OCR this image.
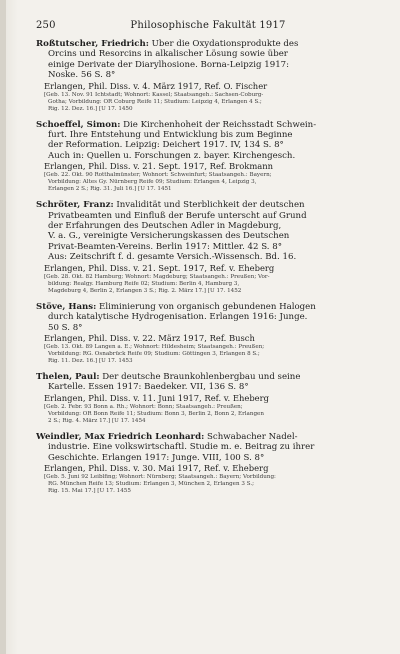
250	Philosophische Fakultät 1917
Roßtutscher, Friedrich: Über die Oxydationsprodukte des
Orcins und Resorcins in alkalischer Lösung sowie über
einige Derivate der Diarylhosione. Borna-Leipzig 1917:
Noske. 56 S. 8°
Erlangen, Phil. Diss. v. 4. März 1917, Ref. O. Fischer
[Geb. 13. Nov. 91 Ichtstadt; Wohnort: Kassel; Staatsangeh.: Sachsen-Coburg-
Gotha; Vorbildung: OR Coburg Reife 11; Studium: Leipzig 4, Erlangen 4 S.;
Rig. 12. Dez. 16.] [U 17. 1450
Schoeffel, Simon: Die Kirchenhoheit der Reichsstadt Schwein-
furt. Ihre Entstehung und Entwicklung bis zum Beginne
der Reformation. Leipzig: Deichert 1917. IV, 134 S. 8°
Auch in: Quellen u. Forschungen z. bayer. Kirchengesch.
Erlangen, Phil. Diss. v. 21. Sept. 1917, Ref. Brokmann
[Geb. 22. Okt. 90 Rotthalmünster; Wohnort: Schweinfurt; Staatsangeh.: Bayern;
Vorbildung: Altes Gy. Nürnberg Reife 09; Studium: Erlangen 4, Leipzig 3,
Erlangen 2 S.; Rig. 31. Juli 16.] [U 17. 1451
Schröter, Franz: Invalidität und Sterblichkeit der deutschen
Privatbeamten und Einfluß der Berufe unterscht auf Grund
der Erfahrungen des Deutschen Adler in Magdeburg,
V. a. G., vereinigte Versicherungskassen des Deutschen
Privat-Beamten-Vereins. Berlin 1917: Mittler. 42 S. 8°
Aus: Zeitschrift f. d. gesamte Versich.-Wissensch. Bd. 16.
Erlangen, Phil. Diss. v. 21. Sept. 1917, Ref. v. Eheberg
[Geb. 28. Okt. 82 Hamburg; Wohnort: Magdeburg; Staatsangeh.: Preußen; Vor-
bildung: Realgy. Hamburg Reife 02; Studium: Berlin 4, Hamburg 3,
Magdeburg 4, Berlin 2, Erlangen 3 S.; Rig. 2. März 17.] [U 17. 1452
Stöve, Hans: Eliminierung von organisch gebundenen Halogen
durch katalytische Hydrogenisation. Erlangen 1916: Junge.
50 S. 8°
Erlangen, Phil. Diss. v. 22. März 1917, Ref. Busch
[Geb. 13. Okt. 89 Langen a. E.; Wohnort: Hildesheim; Staatsangeh.: Preußen;
Vorbildung: RG. Osnabrück Reife 09; Studium: Göttingen 3, Erlangen 8 S.;
Rig. 11. Dez. 16.] [U 17. 1453
Thelen, Paul: Der deutsche Braunkohlenbergbau und seine
Kartelle. Essen 1917: Baedeker. VII, 136 S. 8°
Erlangen, Phil. Diss. v. 11. Juni 1917, Ref. v. Eheberg
[Geb. 2. Febr. 93 Bonn a. Rh.; Wohnort: Bonn; Staatsangeh.: Preußen;
Vorbildung: OR Bonn Reife 11; Studium: Bonn 3, Berlin 2, Bonn 2, Erlangen
2 S.; Rig. 4. März 17.] [U 17. 1454
Weindler, Max Friedrich Leonhard: Schwabacher Nadel-
industrie. Eine volkswirtschaftl. Studie m. e. Beitrag zu ihrer
Geschichte. Erlangen 1917: Junge. VIII, 100 S. 8°
Erlangen, Phil. Diss. v. 30. Mai 1917, Ref. v. Eheberg
[Geb. 5. Juni 92 Leiblfing; Wohnort: Nürnberg; Staatsangeh.: Bayern; Vorbildung:
RG. München Reife 13; Studium: Erlangen 3, München 2, Erlangen 3 S.;
Rig. 15. Mai 17.] [U 17. 1455
